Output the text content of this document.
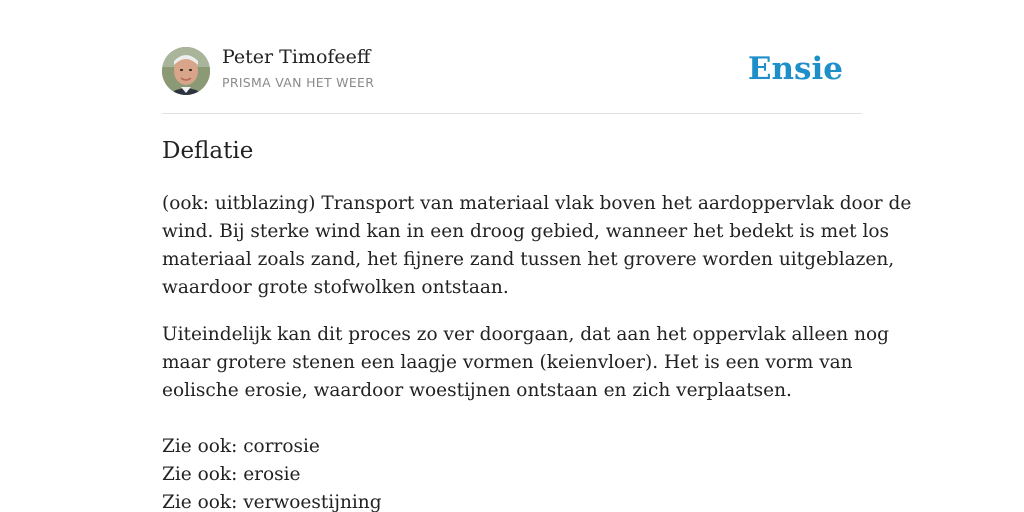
Peter Timofeeff
PRISMA VAN HET WEER	Ensie
Deflatie
(ook: uitblazing) Transport van materiaal vlak boven het aardoppervlak door de
wind. Bij sterke wind kan in een droog gebied, wanneer het bedekt is met los
materiaal zoals zand, het fijnere zand tussen het grovere worden uitgeblazen,
waardoor grote stofwolken ontstaan.
Uiteindelijk kan dit proces zo ver doorgaan, dat aan het oppervlak alleen nog
maar grotere stenen een laagje vormen (keienvloer). Het is een vorm van
eolische erosie, waardoor woestijnen ontstaan en zich verplaatsen.
Zie ook: corrosie
Zie ook: erosie
Zie ook: verwoestijning
